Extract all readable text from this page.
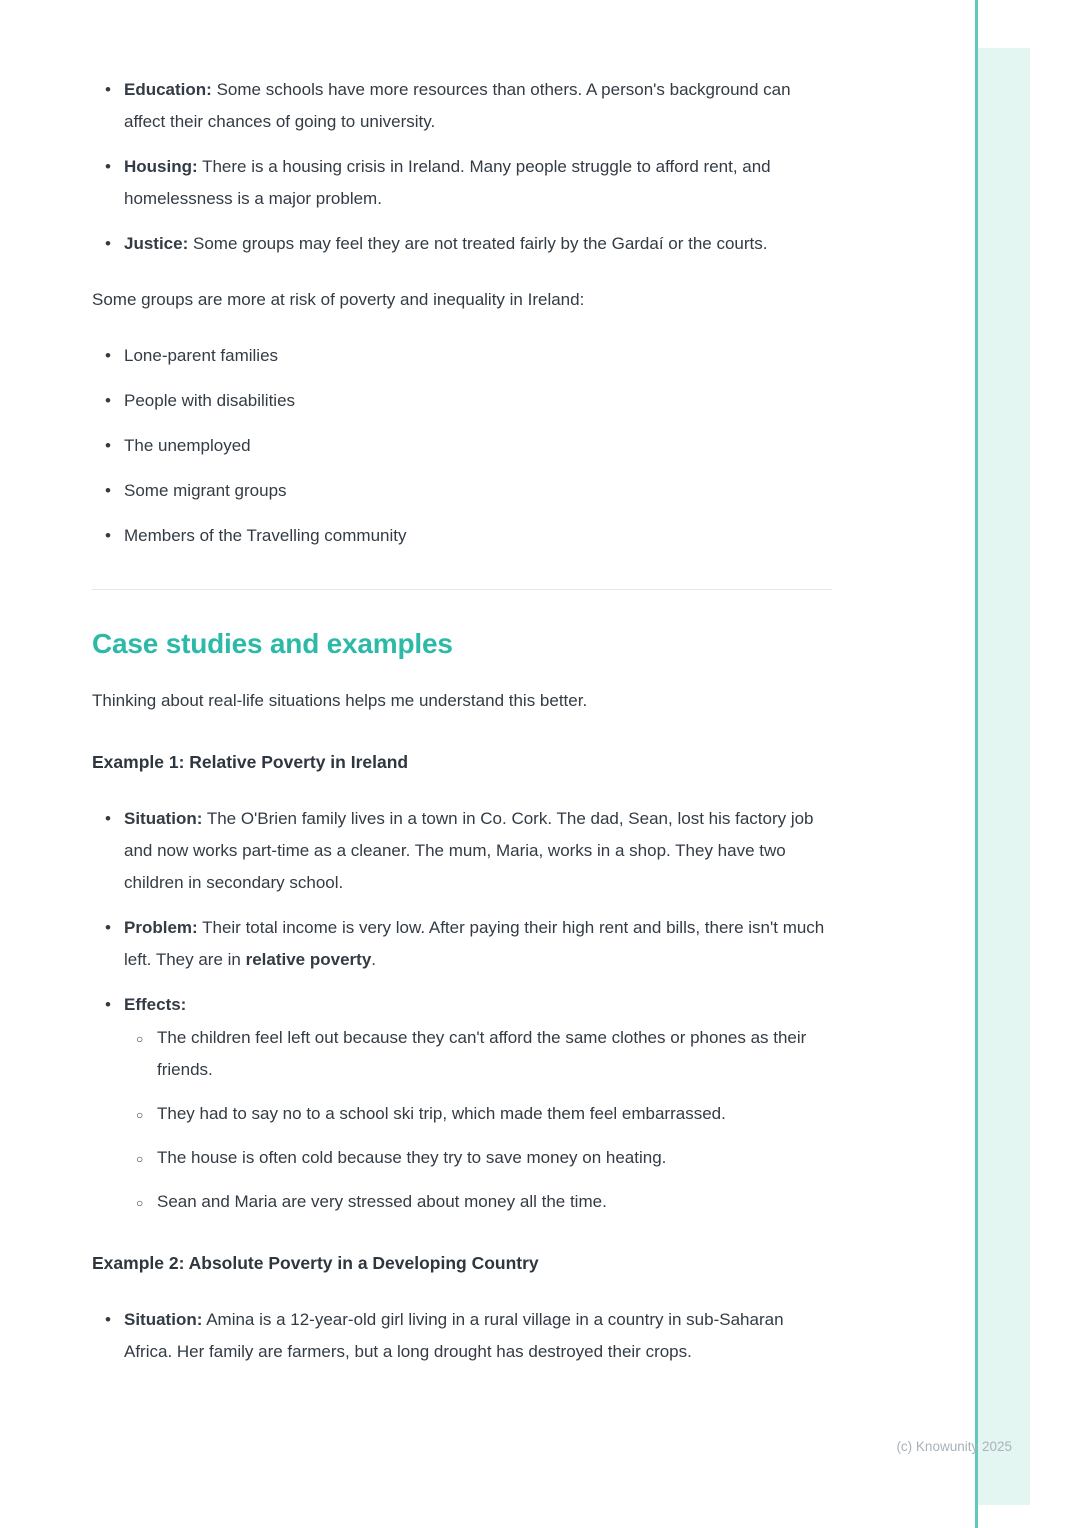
• Education: Some schools have more resources than others. A person's background can affect their chances of going to university.
• Housing: There is a housing crisis in Ireland. Many people struggle to afford rent, and homelessness is a major problem.
• Justice: Some groups may feel they are not treated fairly by the Gardaí or the courts.

Some groups are more at risk of poverty and inequality in Ireland:

• Lone-parent families
• People with disabilities
• The unemployed
• Some migrant groups
• Members of the Travelling community
Case studies and examples

Thinking about real-life situations helps me understand this better.

Example 1: Relative Poverty in Ireland
• Situation: The O'Brien family lives in a town in Co. Cork. The dad, Sean, lost his factory job and now works part-time as a cleaner. The mum, Maria, works in a shop. They have two children in secondary school.
• Problem: Their total income is very low. After paying their high rent and bills, there isn't much left. They are in relative poverty.
• Effects:
○ The children feel left out because they can't afford the same clothes or phones as their friends.
○ They had to say no to a school ski trip, which made them feel embarrassed.
○ The house is often cold because they try to save money on heating.
○ Sean and Maria are very stressed about money all the time.
Example 2: Absolute Poverty in a Developing Country
• Situation: Amina is a 12-year-old girl living in a rural village in a country in sub-Saharan Africa. Her family are farmers, but a long drought has destroyed their crops.
(c) Knowunity 2025
